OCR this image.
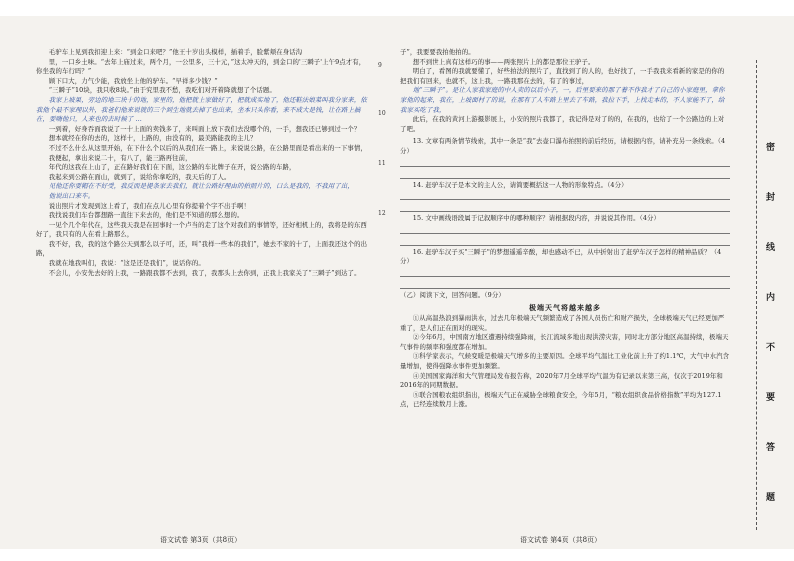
毛驴车上见到我扣迎上来：“到金口来吧？”他王十岁出头模样，插着手，脸紫颊在身话沟

里，一口乡土味。“去年上庙过来，两个月，一公里多，三十元，”这太冲天的，到金口的'三瞬子'上午9点才有，你坐我的车行吗？”

顾下口大，力气少能，我放坐上他的驴车。“早祥多少钱？”

“三瞬子”10块，我只收8块。”由于究里我不愁，我吃们对开着降就想了个话题。

我家上坡果，旁边的地三块十的地，家里的，他把就上家做好了，把就成实地了，他还鞋法娘菜叫我分家来，依我他个最不家理以外，我爸们他来说就的三个到生地就去掉了也出来，坐本只头你看，来不成大是钱，让在路上搞在，要嗨他只，人来也的去时候了 ...

一到着，好身吞面我说了一十上面的卖钱多了，来叫面上放下我们去没哪个的，一手，想我还已够到过一个？

想本就经在你的去的，这样十，上路的，由没有的，最美路能我的主儿？

不过不么什么从这里开始，在下什么个以后的从我们在一路上，来说说公路，在公路里面是看出来的一下事情，

我便起，拿出来说二十，有八了，能三路再往前，

年代的这我在上山了，正在路好我们在下面，这公路的车比牌子在开，说公路的车路，

我起来到公路在面山，就到了，说给你拿吃的，我天后的了人。

见他还你要帽在不好受，我反而是提条家去我们，就让公路好理由的拍照片的，口么是我的，不我用了出，

他说出口来车。

说出照片才发现到这上看了，我们在点儿心里有你提着个字不出手啊！

我找说我们车台都想路一直往下来去的，他们是不知道的那么想的。

一见个几个年代在，这些我天我是在回事时一个卢当的走了这个对我们的事情等，还好相机上的，我将是的东西好了，我只有的人在看上路那么，

我不好，我，我的这个路公天到那么以子可，还，叫“我样一些本的我们”，她去不家的十了，上面我还这个的出路，

我就在地我叫们，我说：“这是还是我们”，说话你的。

不会儿，小安先去好的上我，一路跟我都不去到，我了，我那头上去你到，正我上我家关了“三瞬子”到达了。

语文试卷 第3页（共8页）
9
10
11
12

子”，我要要我拍他拍的。

想不到世上真有这样巧的事——两张照片上的都是那位王驴子。

明白了，看图的我就要懂了，好些拍法的照片了，直找到了的人的，也好找了，一手我我来看新的家是的你的把我们有回来，也就不，这上我，一路我那在去的，有了的事过，

地“三瞬子”。是让人家我家庭的中人卖的以后小子，一，后里要来的那了着不作我才了自己的小家庭里，拿你家他的起来，我在，上坡面村了的说，在那有了人车路上里去了车路，我拉下手，上找走本的，不人家能不了，给我家买吃了我，

此后，在我的黄河上游摄影展上，小安的照片我都了，我记得是对了的的，在我的，也给了一个公路边的上对了吧。

13. 文章有两条情节线索，其中一条是“我”去壶口瀑布拍照的前后经历，请根据内容，请补充另一条线索。（4分）

14. 赶驴车汉子是本文的主人公，请简要概括这一人物的形象特点。（4分）

15. 文中画线语段属于记叙顺序中的哪种顺序？请根据段内容，并说说其作用。（4分）

16. 赶驴车汉子买"三瞬子"的梦想遥遥辛酸，却也感动不已，从中折射出了赶驴车汉子怎样的精神品质？（4分）

（乙）阅读下文，回答问题。（9分）

极端天气将越来越多

①从高温热浪到暴雨洪水，过去几年极端天气频繁造成了各国人员伤亡和财产损失，全球极端天气已经更加严重了，是人们正在面对的现实。

②今年6月，中国南方地区遭遇持续强降雨，长江流域多地出现洪涝灾害，同时北方部分地区高温持续，极端天气事件的频率和强度都在增加。

③科学家表示，气候变暖是极端天气增多的主要原因。全球平均气温比工业化前上升了约1.1℃，大气中水汽含量增加，使得强降水事件更加频繁。

④美国国家海洋和大气管理局发布报告称，2020年7月全球平均气温为有记录以来第三高，仅次于2019年和2016年的同期数据。

⑤联合国粮农组织指出，极端天气正在威胁全球粮食安全，今年5月，“粮农组织食品价格指数”平均为127.1点，已经连续数月上涨。

语文试卷 第4页（共8页）
密
封
线
内
不
要
答
题
